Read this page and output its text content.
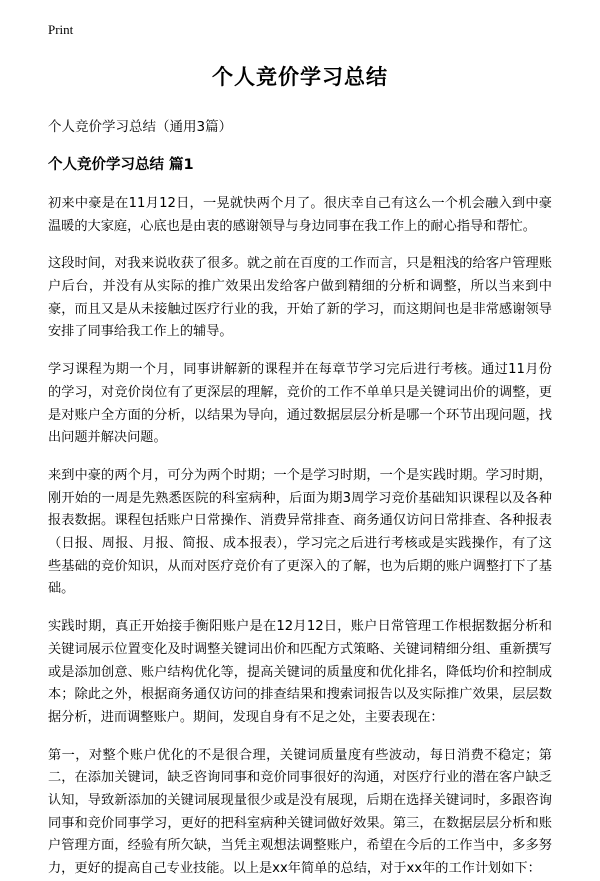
Print
个人竞价学习总结
个人竞价学习总结（通用3篇）
个人竞价学习总结 篇1

初来中豪是在11月12日，一晃就快两个月了。很庆幸自己有这么一个机会融入到中豪温暖的大家庭，心底也是由衷的感谢领导与身边同事在我工作上的耐心指导和帮忙。

这段时间，对我来说收获了很多。就之前在百度的工作而言，只是粗浅的给客户管理账户后台，并没有从实际的推广效果出发给客户做到精细的分析和调整，所以当来到中豪，而且又是从未接触过医疗行业的我，开始了新的学习，而这期间也是非常感谢领导安排了同事给我工作上的辅导。

学习课程为期一个月，同事讲解新的课程并在每章节学习完后进行考核。通过11月份的学习，对竞价岗位有了更深层的理解，竞价的工作不单单只是关键词出价的调整，更是对账户全方面的分析，以结果为导向，通过数据层层分析是哪一个环节出现问题，找出问题并解决问题。

来到中豪的两个月，可分为两个时期；一个是学习时期，一个是实践时期。学习时期，刚开始的一周是先熟悉医院的科室病种，后面为期3周学习竞价基础知识课程以及各种报表数据。课程包括账户日常操作、消费异常排查、商务通仅访问日常排查、各种报表（日报、周报、月报、简报、成本报表），学习完之后进行考核或是实践操作，有了这些基础的竞价知识，从而对医疗竞价有了更深入的了解，也为后期的账户调整打下了基础。

实践时期，真正开始接手衡阳账户是在12月12日，账户日常管理工作根据数据分析和关键词展示位置变化及时调整关键词出价和匹配方式策略、关键词精细分组、重新撰写或是添加创意、账户结构优化等，提高关键词的质量度和优化排名，降低均价和控制成本；除此之外，根据商务通仅访问的排查结果和搜索词报告以及实际推广效果，层层数据分析，进而调整账户。期间，发现自身有不足之处，主要表现在：

第一，对整个账户优化的不是很合理，关键词质量度有些波动，每日消费不稳定；第二，在添加关键词，缺乏咨询同事和竞价同事很好的沟通，对医疗行业的潜在客户缺乏认知，导致新添加的关键词展现量很少或是没有展现，后期在选择关键词时，多跟咨询同事和竞价同事学习，更好的把科室病种关键词做好效果。第三，在数据层层分析和账户管理方面，经验有所欠缺，当凭主观想法调整账户，希望在今后的工作当中，多多努力，更好的提高自己专业技能。以上是xx年简单的总结，对于xx年的工作计划如下：
